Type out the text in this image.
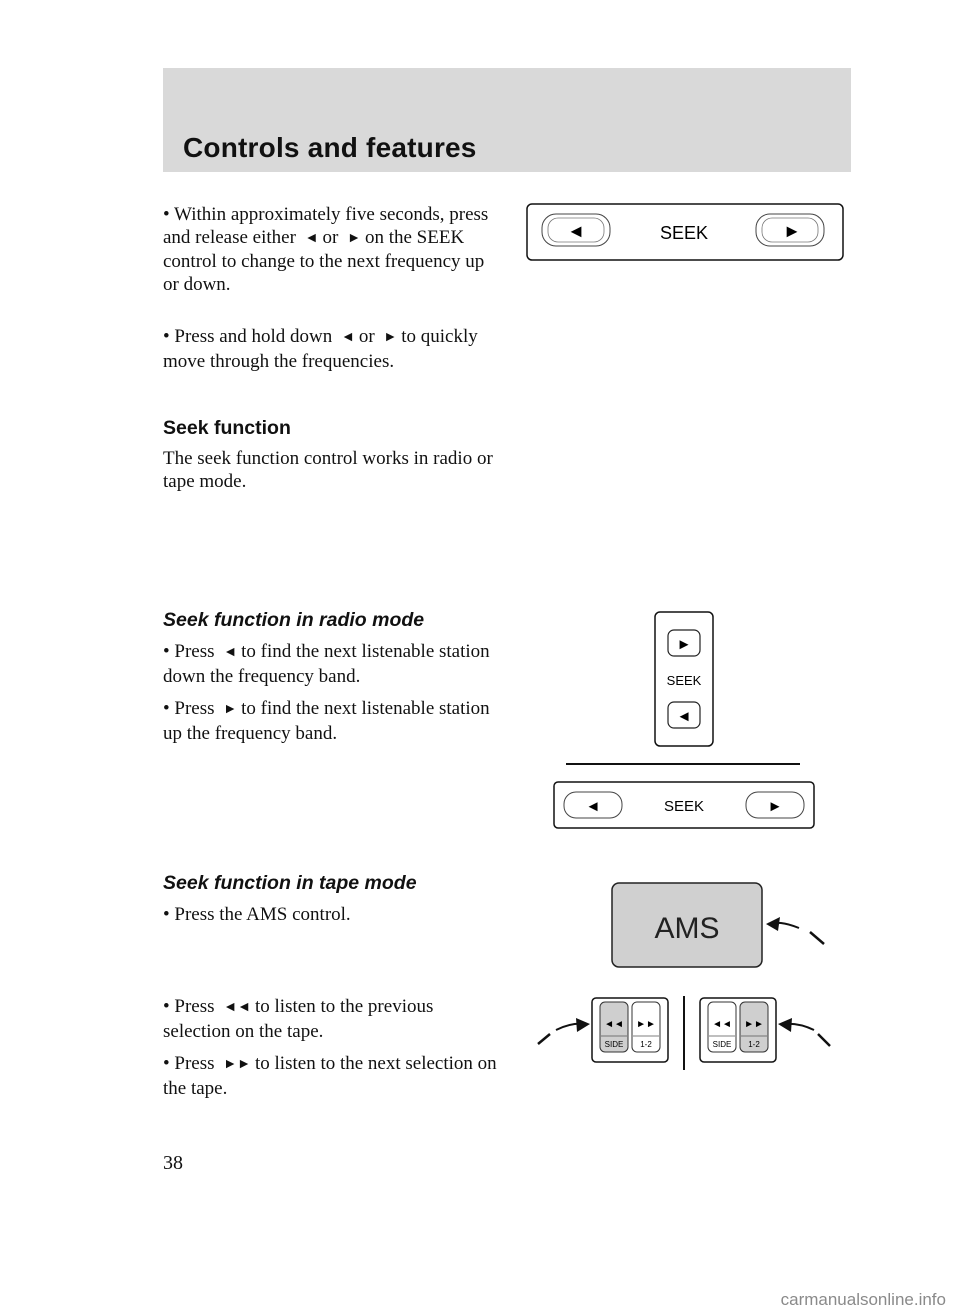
Controls and features

• Within approximately five seconds, press and release either ◄ or ► on the SEEK control to change to the next frequency up or down.

• Press and hold down ◄ or ► to quickly move through the frequencies.

Seek function

The seek function control works in radio or tape mode.

Seek function in radio mode

• Press ◄ to find the next listenable station down the frequency band.

• Press ► to find the next listenable station up the frequency band.

Seek function in tape mode

• Press the AMS control.

• Press ◄◄ to listen to the previous selection on the tape.

• Press ►► to listen to the next selection on the tape.

◄	SEEK	►
►
SEEK
◄
◄	SEEK	►
AMS
◄◄ ►►
SIDE 1-2
◄◄ ►►
SIDE 1-2
38
carmanualsonline.info
